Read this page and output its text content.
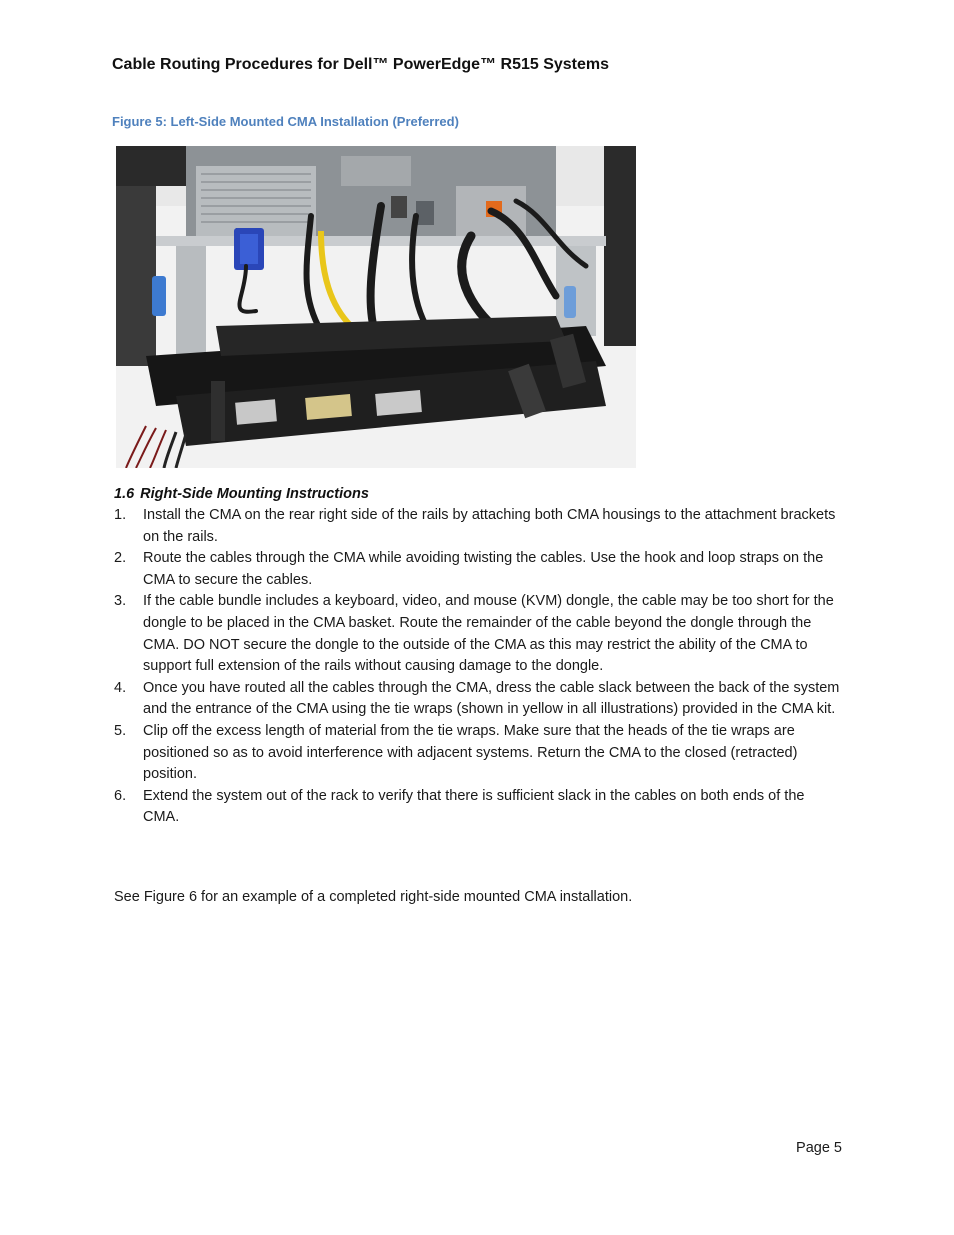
Cable Routing Procedures for Dell™ PowerEdge™ R515 Systems
Figure 5: Left-Side Mounted CMA Installation (Preferred)
1.6 Right-Side Mounting Instructions
1. Install the CMA on the rear right side of the rails by attaching both CMA housings to the attachment brackets on the rails.
2. Route the cables through the CMA while avoiding twisting the cables. Use the hook and loop straps on the CMA to secure the cables.
3. If the cable bundle includes a keyboard, video, and mouse (KVM) dongle, the cable may be too short for the dongle to be placed in the CMA basket. Route the remainder of the cable beyond the dongle through the CMA. DO NOT secure the dongle to the outside of the CMA as this may restrict the ability of the CMA to support full extension of the rails without causing damage to the dongle.
4. Once you have routed all the cables through the CMA, dress the cable slack between the back of the system and the entrance of the CMA using the tie wraps (shown in yellow in all illustrations) provided in the CMA kit.
5. Clip off the excess length of material from the tie wraps. Make sure that the heads of the tie wraps are positioned so as to avoid interference with adjacent systems. Return the CMA to the closed (retracted) position.
6. Extend the system out of the rack to verify that there is sufficient slack in the cables on both ends of the CMA.
See Figure 6 for an example of a completed right-side mounted CMA installation.
Page 5
